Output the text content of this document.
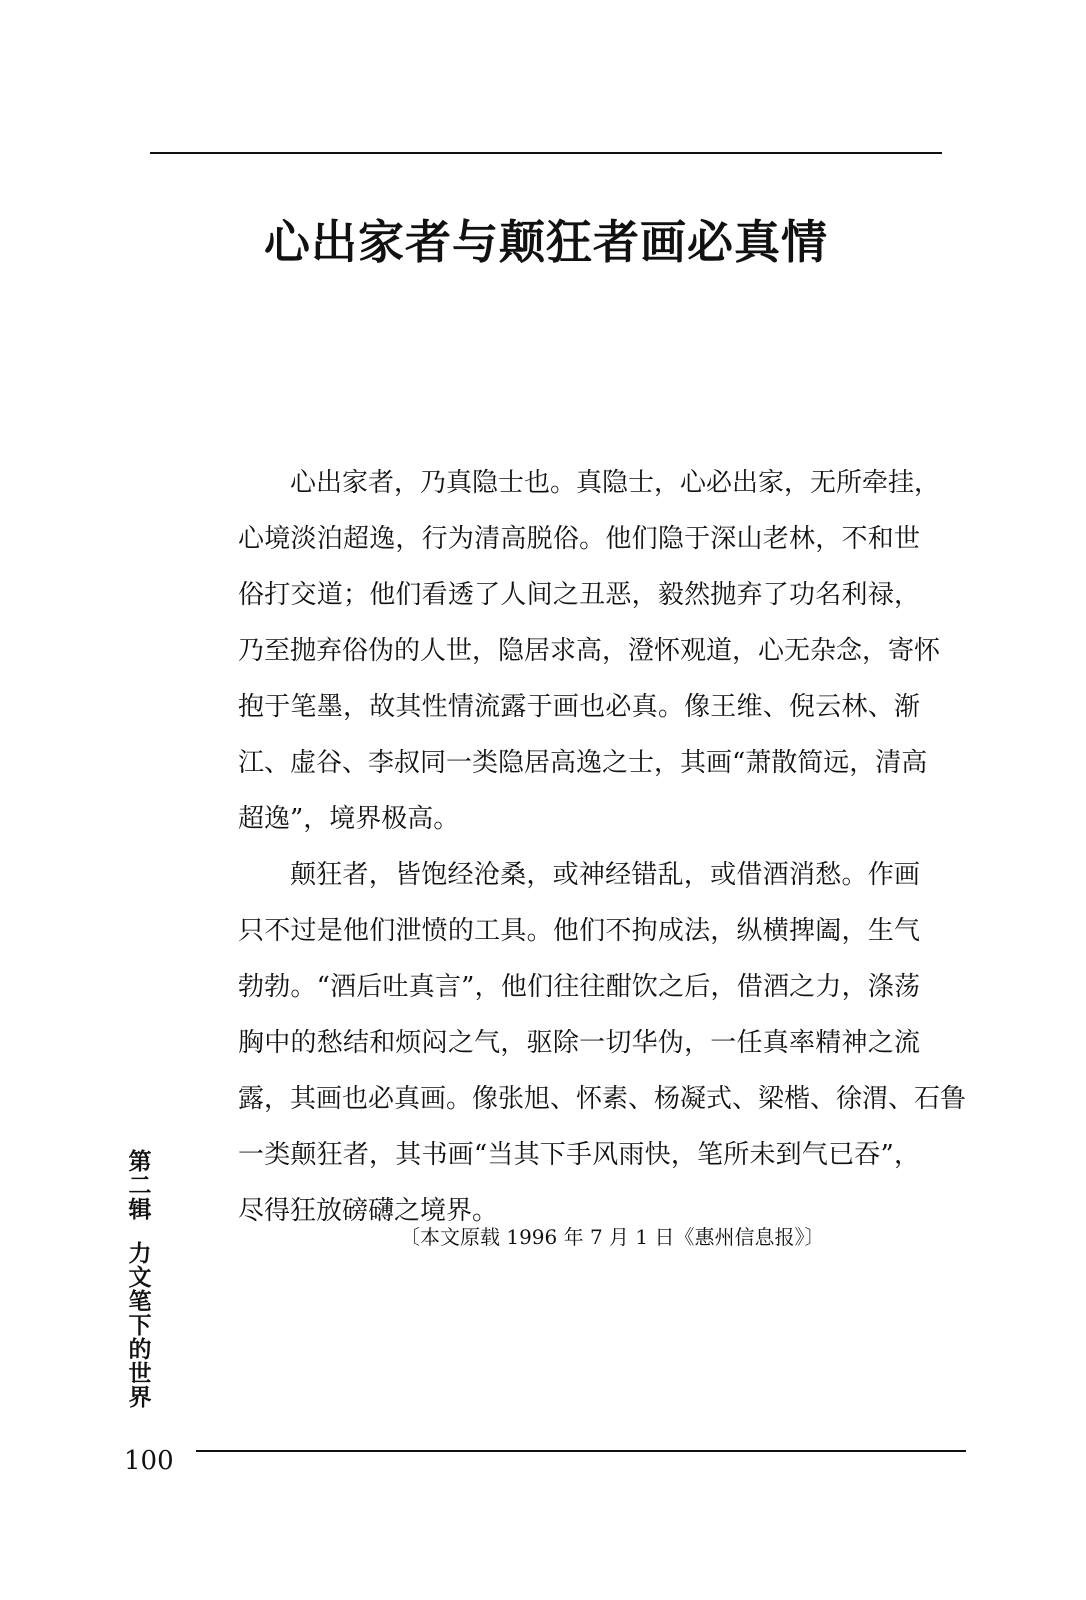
心出家者与颠狂者画必真情

心出家者，乃真隐士也。真隐士，心必出家，无所牵挂，
心境淡泊超逸，行为清高脱俗。他们隐于深山老林，不和世
俗打交道；他们看透了人间之丑恶，毅然抛弃了功名利禄，
乃至抛弃俗伪的人世，隐居求高，澄怀观道，心无杂念，寄怀
抱于笔墨，故其性情流露于画也必真。像王维、倪云林、渐
江、虚谷、李叔同一类隐居高逸之士，其画“萧散简远，清高
超逸”，境界极高。

颠狂者，皆饱经沧桑，或神经错乱，或借酒消愁。作画
只不过是他们泄愤的工具。他们不拘成法，纵横捭阖，生气
勃勃。“酒后吐真言”，他们往往酣饮之后，借酒之力，涤荡
胸中的愁结和烦闷之气，驱除一切华伪，一任真率精神之流
露，其画也必真画。像张旭、怀素、杨凝式、梁楷、徐渭、石鲁
一类颠狂者，其书画“当其下手风雨快，笔所未到气已吞”，
尽得狂放磅礴之境界。

〔本文原载 1996 年 7 月 1 日《惠州信息报》〕
第
二
辑
力
文
笔
下
的
世
界
100
